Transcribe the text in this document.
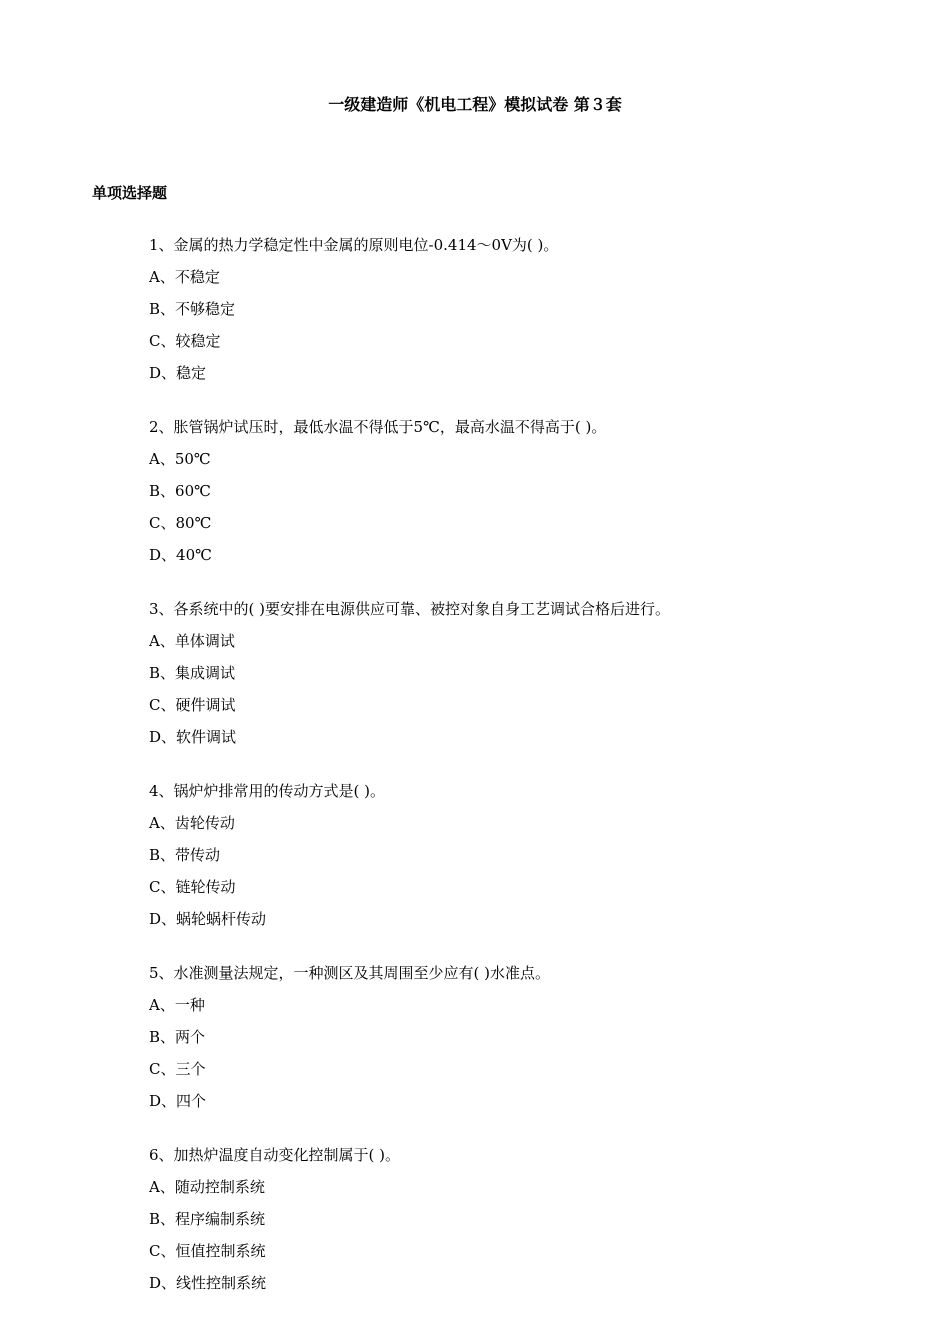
一级建造师《机电工程》模拟试卷 第３套
单项选择题
1、金属的热力学稳定性中金属的原则电位-0.414～0V为( )。
A、不稳定
B、不够稳定
C、较稳定
D、稳定
2、胀管锅炉试压时，最低水温不得低于5℃，最高水温不得高于( )。
A、50℃
B、60℃
C、80℃
D、40℃
3、各系统中的( )要安排在电源供应可靠、被控对象自身工艺调试合格后进行。
A、单体调试
B、集成调试
C、硬件调试
D、软件调试
4、锅炉炉排常用的传动方式是( )。
A、齿轮传动
B、带传动
C、链轮传动
D、蜗轮蜗杆传动
5、水准测量法规定，一种测区及其周围至少应有( )水准点。
A、一种
B、两个
C、三个
D、四个
6、加热炉温度自动变化控制属于( )。
A、随动控制系统
B、程序编制系统
C、恒值控制系统
D、线性控制系统
